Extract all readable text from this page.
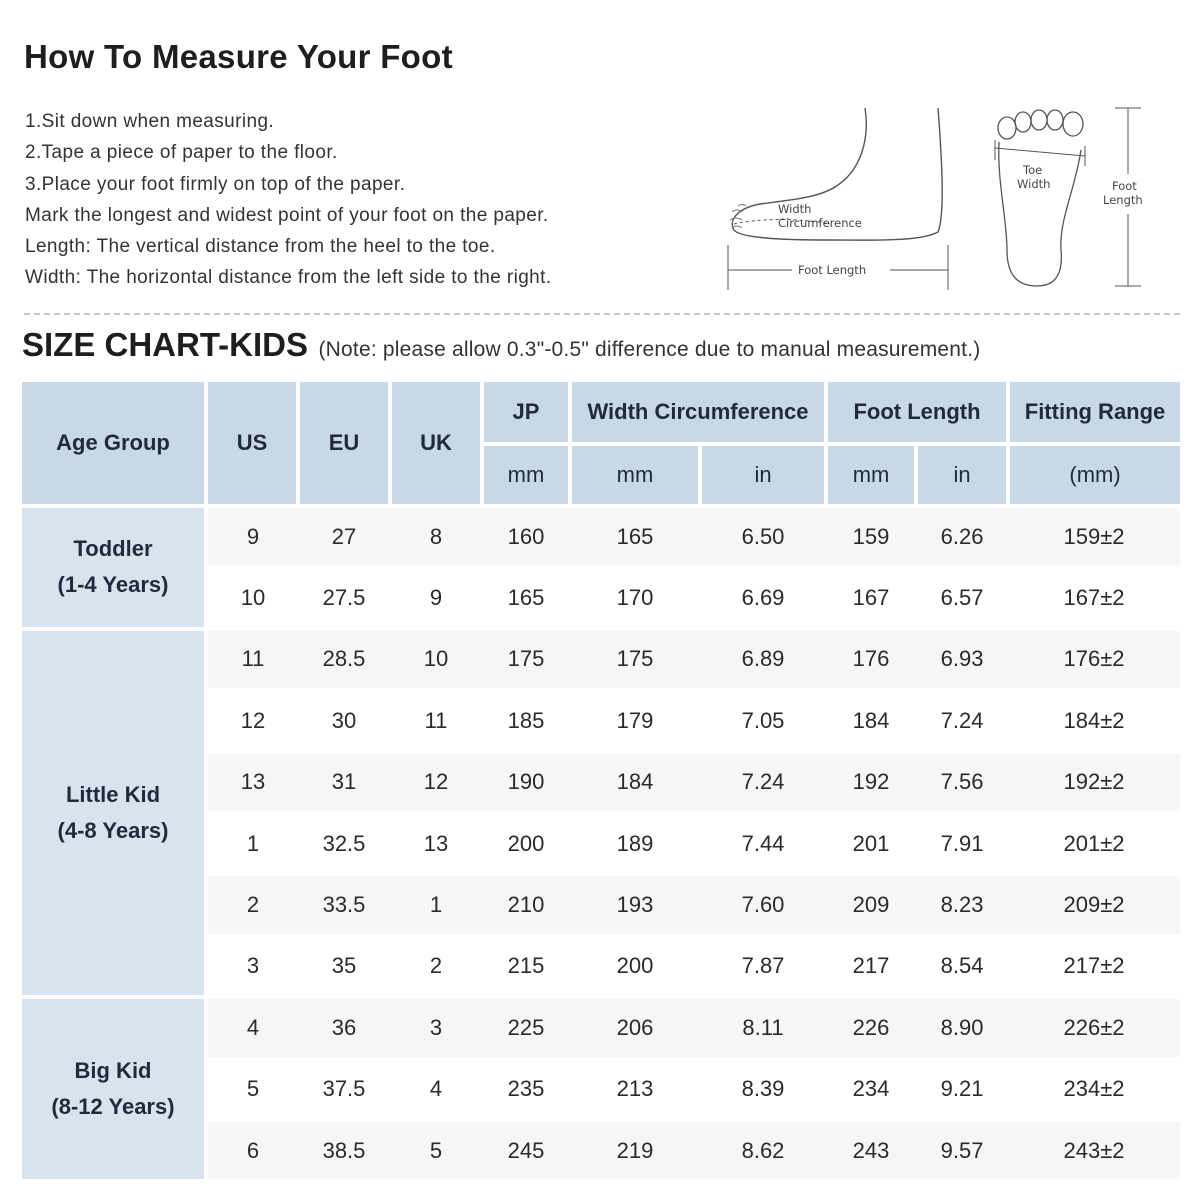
How To Measure Your Foot
1.Sit down when measuring.
2.Tape a piece of paper to the floor.
3.Place your foot firmly on top of the paper.
Mark the longest and widest point of your foot on the paper.
Length: The vertical distance from the heel to the toe.
Width: The horizontal distance from the left side to the right.
Width
Circumference
Foot Length
Toe
Width	Foot
Length
SIZE CHART-KIDS (Note: please allow 0.3"-0.5" difference due to manual measurement.)
Age Group	US	EU	UK	JP	Width Circumference		Foot Length		Fitting Range
				mm	mm	in	mm	in	(mm)

Toddler
(1-4 Years)	9	27	8	160	165	6.50	159	6.26	159±2
	10	27.5	9	165	170	6.69	167	6.57	167±2

Little Kid
(4-8 Years)	11	28.5	10	175	175	6.89	176	6.93	176±2
	12	30	11	185	179	7.05	184	7.24	184±2
	13	31	12	190	184	7.24	192	7.56	192±2
	1	32.5	13	200	189	7.44	201	7.91	201±2
	2	33.5	1	210	193	7.60	209	8.23	209±2
	3	35	2	215	200	7.87	217	8.54	217±2

Big Kid
(8-12 Years)	4	36	3	225	206	8.11	226	8.90	226±2
	5	37.5	4	235	213	8.39	234	9.21	234±2
	6	38.5	5	245	219	8.62	243	9.57	243±2
